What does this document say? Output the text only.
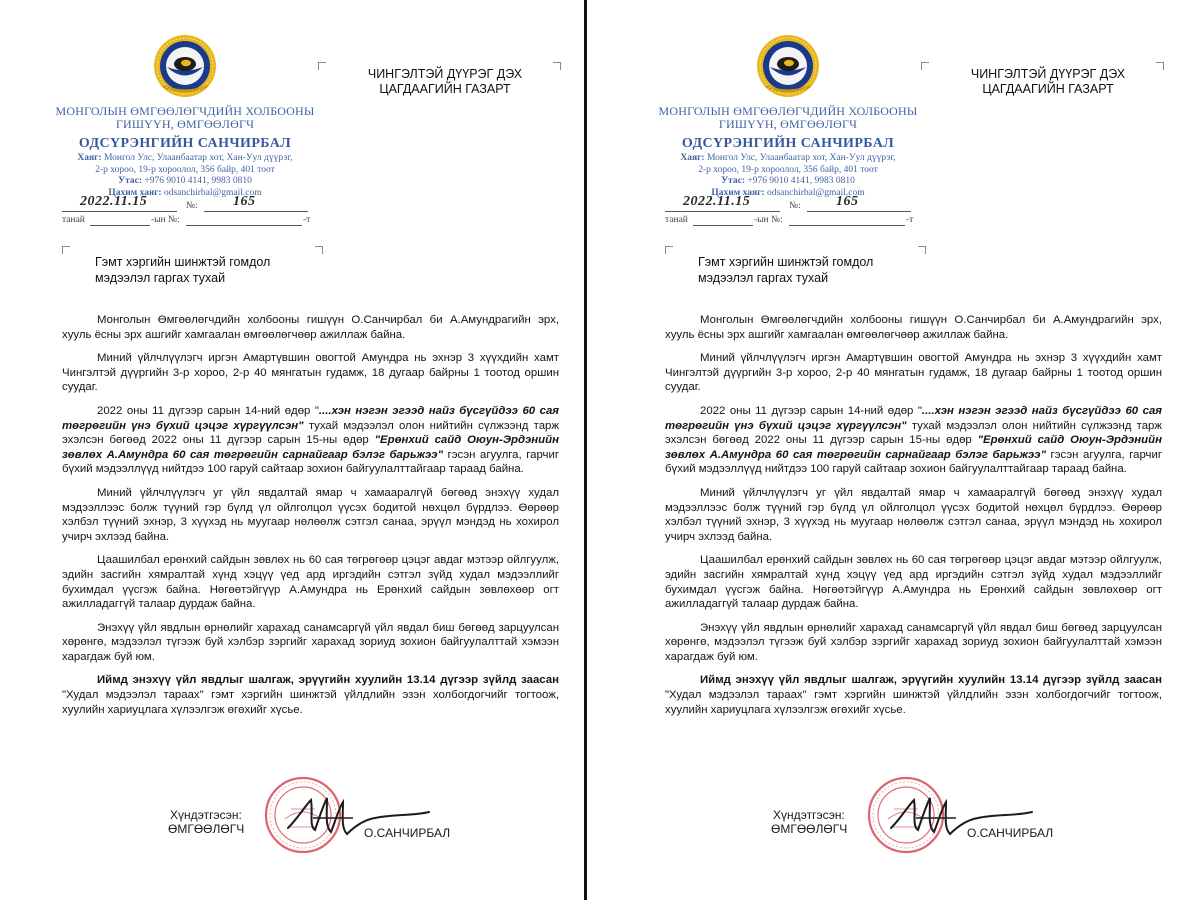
МОНГОЛЫН ӨМГӨӨЛӨГЧДИЙН ХОЛБООНЫ
ГИШҮҮН, ӨМГӨӨЛӨГЧ
ОДСҮРЭНГИЙН САНЧИРБАЛ
Хаяг: Монгол Улс, Улаанбаатар хот, Хан-Уул дүүрэг,
2-р хороо, 19-р хороолол, 356 байр, 401 тоот
Утас: +976 9010 4141, 9983 0810
Цахим хаяг: odsanchirbal@gmail.com
ЧИНГЭЛТЭЙ ДҮҮРЭГ ДЭХ
ЦАГДААГИЙН ГАЗАРТ
2022.11.15	165
№:
танай	-ын №:	-т
Гэмт хэргийн шинжтэй гомдол
мэдээлэл гаргах тухай

Монголын Өмгөөлөгчдийн холбооны гишүүн О.Санчирбал би А.Амундрагийн эрх, хууль ёсны эрх ашгийг хамгаалан өмгөөлөгчөөр ажиллаж байна.

Миний үйлчлүүлэгч иргэн Амартүвшин овогтой Амундра нь эхнэр 3 хүүхдийн хамт Чингэлтэй дүүргийн 3-р хороо, 2-р 40 мянгатын гудамж, 18 дугаар байрны 1 тоотод оршин суудаг.

2022 оны 11 дүгээр сарын 14-ний өдөр "....хэн нэгэн эгээд найз бүсгүйдээ 60 сая төгрөгийн үнэ бүхий цэцэг хүргүүлсэн" тухай мэдээлэл олон нийтийн сүлжээнд тарж эхэлсэн бөгөөд 2022 оны 11 дүгээр сарын 15-ны өдөр "Ерөнхий сайд Оюун-Эрдэнийн зөвлөх А.Амундра 60 сая төгрөгийн сарнайгаар бэлэг барьжээ" гэсэн агуулга, гарчиг бүхий мэдээллүүд нийтдээ 100 гаруй сайтаар зохион байгуулалттайгаар тараад байна.

Миний үйлчлүүлэгч уг үйл явдалтай ямар ч хамааралгүй бөгөөд энэхүү худал мэдээллээс болж түүний гэр бүлд үл ойлголцол үүсэх бодитой нөхцөл бүрдлээ. Өөрөөр хэлбэл түүний эхнэр, 3 хүүхэд нь муугаар нөлөөлж сэтгэл санаа, эрүүл мэндэд нь хохирол учирч эхлээд байна.

Цаашилбал ерөнхий сайдын зөвлөх нь 60 сая төгрөгөөр цэцэг авдаг мэтээр ойлгуулж, эдийн засгийн хямралтай хүнд хэцүү үед ард иргэдийн сэтгэл зүйд худал мэдээллийг бухимдал үүсгэж байна. Нөгөөтэйгүүр А.Амундра нь Ерөнхий сайдын зөвлөхөөр огт ажилладаггүй талаар дурдаж байна.

Энэхүү үйл явдлын өрнөлийг харахад санамсаргүй үйл явдал биш бөгөөд зарцуулсан хөрөнгө, мэдээлэл түгээж буй хэлбэр зэргийг харахад зориуд зохион байгуулалттай хэмээн харагдаж буй юм.

Иймд энэхүү үйл явдлыг шалгаж, эрүүгийн хуулийн 13.14 дүгээр зүйлд заасан "Худал мэдээлэл тараах" гэмт хэргийн шинжтэй үйлдлийн эзэн холбогдогчийг тогтоож, хуулийн хариуцлага хүлээлгэж өгөхийг хүсье.

Хүндэтгэсэн:
ӨМГӨӨЛӨГЧ	О.САНЧИРБАЛ
МОНГОЛЫН ӨМГӨӨЛӨГЧДИЙН ХОЛБООНЫ
ГИШҮҮН, ӨМГӨӨЛӨГЧ
ОДСҮРЭНГИЙН САНЧИРБАЛ
Хаяг: Монгол Улс, Улаанбаатар хот, Хан-Уул дүүрэг,
2-р хороо, 19-р хороолол, 356 байр, 401 тоот
Утас: +976 9010 4141, 9983 0810
Цахим хаяг: odsanchirbal@gmail.com
ЧИНГЭЛТЭЙ ДҮҮРЭГ ДЭХ
ЦАГДААГИЙН ГАЗАРТ
2022.11.15	165
№:
танай	-ын №:	-т
Гэмт хэргийн шинжтэй гомдол
мэдээлэл гаргах тухай

Монголын Өмгөөлөгчдийн холбооны гишүүн О.Санчирбал би А.Амундрагийн эрх, хууль ёсны эрх ашгийг хамгаалан өмгөөлөгчөөр ажиллаж байна.

Миний үйлчлүүлэгч иргэн Амартүвшин овогтой Амундра нь эхнэр 3 хүүхдийн хамт Чингэлтэй дүүргийн 3-р хороо, 2-р 40 мянгатын гудамж, 18 дугаар байрны 1 тоотод оршин суудаг.

2022 оны 11 дүгээр сарын 14-ний өдөр "....хэн нэгэн эгээд найз бүсгүйдээ 60 сая төгрөгийн үнэ бүхий цэцэг хүргүүлсэн" тухай мэдээлэл олон нийтийн сүлжээнд тарж эхэлсэн бөгөөд 2022 оны 11 дүгээр сарын 15-ны өдөр "Ерөнхий сайд Оюун-Эрдэнийн зөвлөх А.Амундра 60 сая төгрөгийн сарнайгаар бэлэг барьжээ" гэсэн агуулга, гарчиг бүхий мэдээллүүд нийтдээ 100 гаруй сайтаар зохион байгуулалттайгаар тараад байна.

Миний үйлчлүүлэгч уг үйл явдалтай ямар ч хамааралгүй бөгөөд энэхүү худал мэдээллээс болж түүний гэр бүлд үл ойлголцол үүсэх бодитой нөхцөл бүрдлээ. Өөрөөр хэлбэл түүний эхнэр, 3 хүүхэд нь муугаар нөлөөлж сэтгэл санаа, эрүүл мэндэд нь хохирол учирч эхлээд байна.

Цаашилбал ерөнхий сайдын зөвлөх нь 60 сая төгрөгөөр цэцэг авдаг мэтээр ойлгуулж, эдийн засгийн хямралтай хүнд хэцүү үед ард иргэдийн сэтгэл зүйд худал мэдээллийг бухимдал үүсгэж байна. Нөгөөтэйгүүр А.Амундра нь Ерөнхий сайдын зөвлөхөөр огт ажилладаггүй талаар дурдаж байна.

Энэхүү үйл явдлын өрнөлийг харахад санамсаргүй үйл явдал биш бөгөөд зарцуулсан хөрөнгө, мэдээлэл түгээж буй хэлбэр зэргийг харахад зориуд зохион байгуулалттай хэмээн харагдаж буй юм.

Иймд энэхүү үйл явдлыг шалгаж, эрүүгийн хуулийн 13.14 дүгээр зүйлд заасан "Худал мэдээлэл тараах" гэмт хэргийн шинжтэй үйлдлийн эзэн холбогдогчийг тогтоож, хуулийн хариуцлага хүлээлгэж өгөхийг хүсье.

Хүндэтгэсэн:
ӨМГӨӨЛӨГЧ	О.САНЧИРБАЛ
